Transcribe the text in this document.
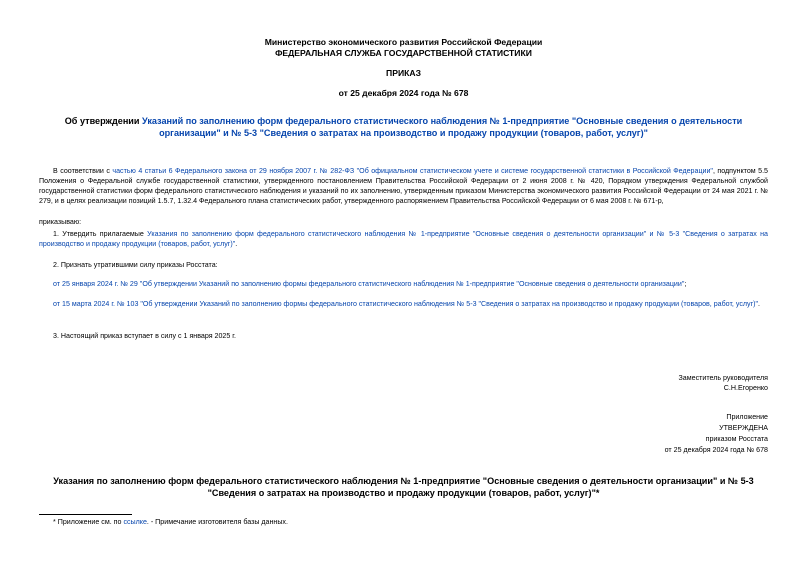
Министерство экономического развития Российской Федерации
ФЕДЕРАЛЬНАЯ СЛУЖБА ГОСУДАРСТВЕННОЙ СТАТИСТИКИ
ПРИКАЗ
от 25 декабря 2024 года № 678
Об утверждении Указаний по заполнению форм федерального статистического наблюдения № 1-предприятие "Основные сведения о деятельности организации" и № 5-3 "Сведения о затратах на производство и продажу продукции (товаров, работ, услуг)"
В соответствии с частью 4 статьи 6 Федерального закона от 29 ноября 2007 г. № 282-ФЗ "Об официальном статистическом учете и системе государственной статистики в Российской Федерации", подпунктом 5.5 Положения о Федеральной службе государственной статистики, утвержденного постановлением Правительства Российской Федерации от 2 июня 2008 г. № 420, Порядком утверждения Федеральной службой государственной статистики форм федерального статистического наблюдения и указаний по их заполнению, утвержденным приказом Министерства экономического развития Российской Федерации от 24 мая 2021 г. № 279, и в целях реализации позиций 1.5.7, 1.32.4 Федерального плана статистических работ, утвержденного распоряжением Правительства Российской Федерации от 6 мая 2008 г. № 671-р,
приказываю:
1. Утвердить прилагаемые Указания по заполнению форм федерального статистического наблюдения № 1-предприятие "Основные сведения о деятельности организации" и № 5-3 "Сведения о затратах на производство и продажу продукции (товаров, работ, услуг)".
2. Признать утратившими силу приказы Росстата:
от 25 января 2024 г. № 29 "Об утверждении Указаний по заполнению формы федерального статистического наблюдения № 1-предприятие "Основные сведения о деятельности организации";
от 15 марта 2024 г. № 103 "Об утверждении Указаний по заполнению формы федерального статистического наблюдения № 5-3 "Сведения о затратах на производство и продажу продукции (товаров, работ, услуг)".
3. Настоящий приказ вступает в силу с 1 января 2025 г.
Заместитель руководителя
С.Н.Егоренко
Приложение
УТВЕРЖДЕНА
приказом Росстата
от 25 декабря 2024 года № 678
Указания по заполнению форм федерального статистического наблюдения № 1-предприятие "Основные сведения о деятельности организации" и № 5-3
"Сведения о затратах на производство и продажу продукции (товаров, работ, услуг)"*
* Приложение см. по ссылке. - Примечание изготовителя базы данных.
